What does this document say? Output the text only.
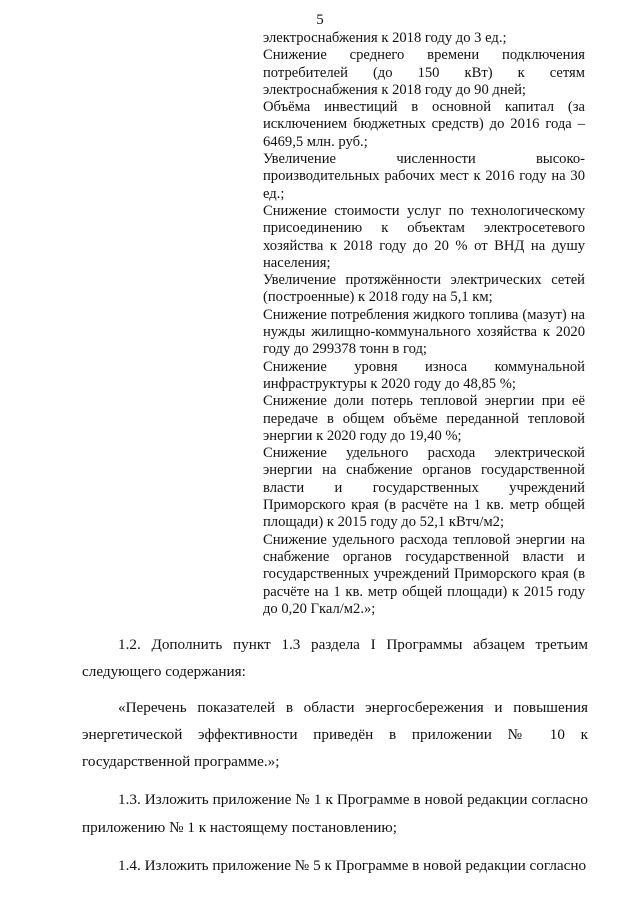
5

электроснабжения к 2018 году до 3 ед.;

Снижение среднего времени подключения потребителей (до 150 кВт) к сетям электроснабжения к 2018 году до 90 дней;

Объёма инвестиций в основной капитал (за исключением бюджетных средств) до 2016 года – 6469,5 млн. руб.;

Увеличение численности высоко-производительных рабочих мест к 2016 году на 30 ед.;

Снижение стоимости услуг по технологическому присоединению к объектам электросетевого хозяйства к 2018 году до 20 % от ВНД на душу населения;

Увеличение протяжённости электрических сетей (построенные) к 2018 году на 5,1 км;

Снижение потребления жидкого топлива (мазут) на нужды жилищно-коммунального хозяйства к 2020 году до 299378 тонн в год;

Снижение уровня износа коммунальной инфраструктуры к 2020 году до 48,85 %;

Снижение доли потерь тепловой энергии при её передаче в общем объёме переданной тепловой энергии к 2020 году до 19,40 %;

Снижение удельного расхода электрической энергии на снабжение органов государственной власти и государственных учреждений Приморского края (в расчёте на 1 кв. метр общей площади) к 2015 году до 52,1 кВтч/м2;

Снижение удельного расхода тепловой энергии на снабжение органов государственной власти и государственных учреждений Приморского края (в расчёте на 1 кв. метр общей площади) к 2015 году до 0,20 Гкал/м2.»;

1.2. Дополнить пункт 1.3 раздела I Программы абзацем третьим следующего содержания:

«Перечень показателей в области энергосбережения и повышения энергетической эффективности приведён в приложении № 10 к государственной программе.»;

1.3. Изложить приложение № 1 к Программе в новой редакции согласно приложению № 1 к настоящему постановлению;

1.4. Изложить приложение № 5 к Программе в новой редакции согласно
